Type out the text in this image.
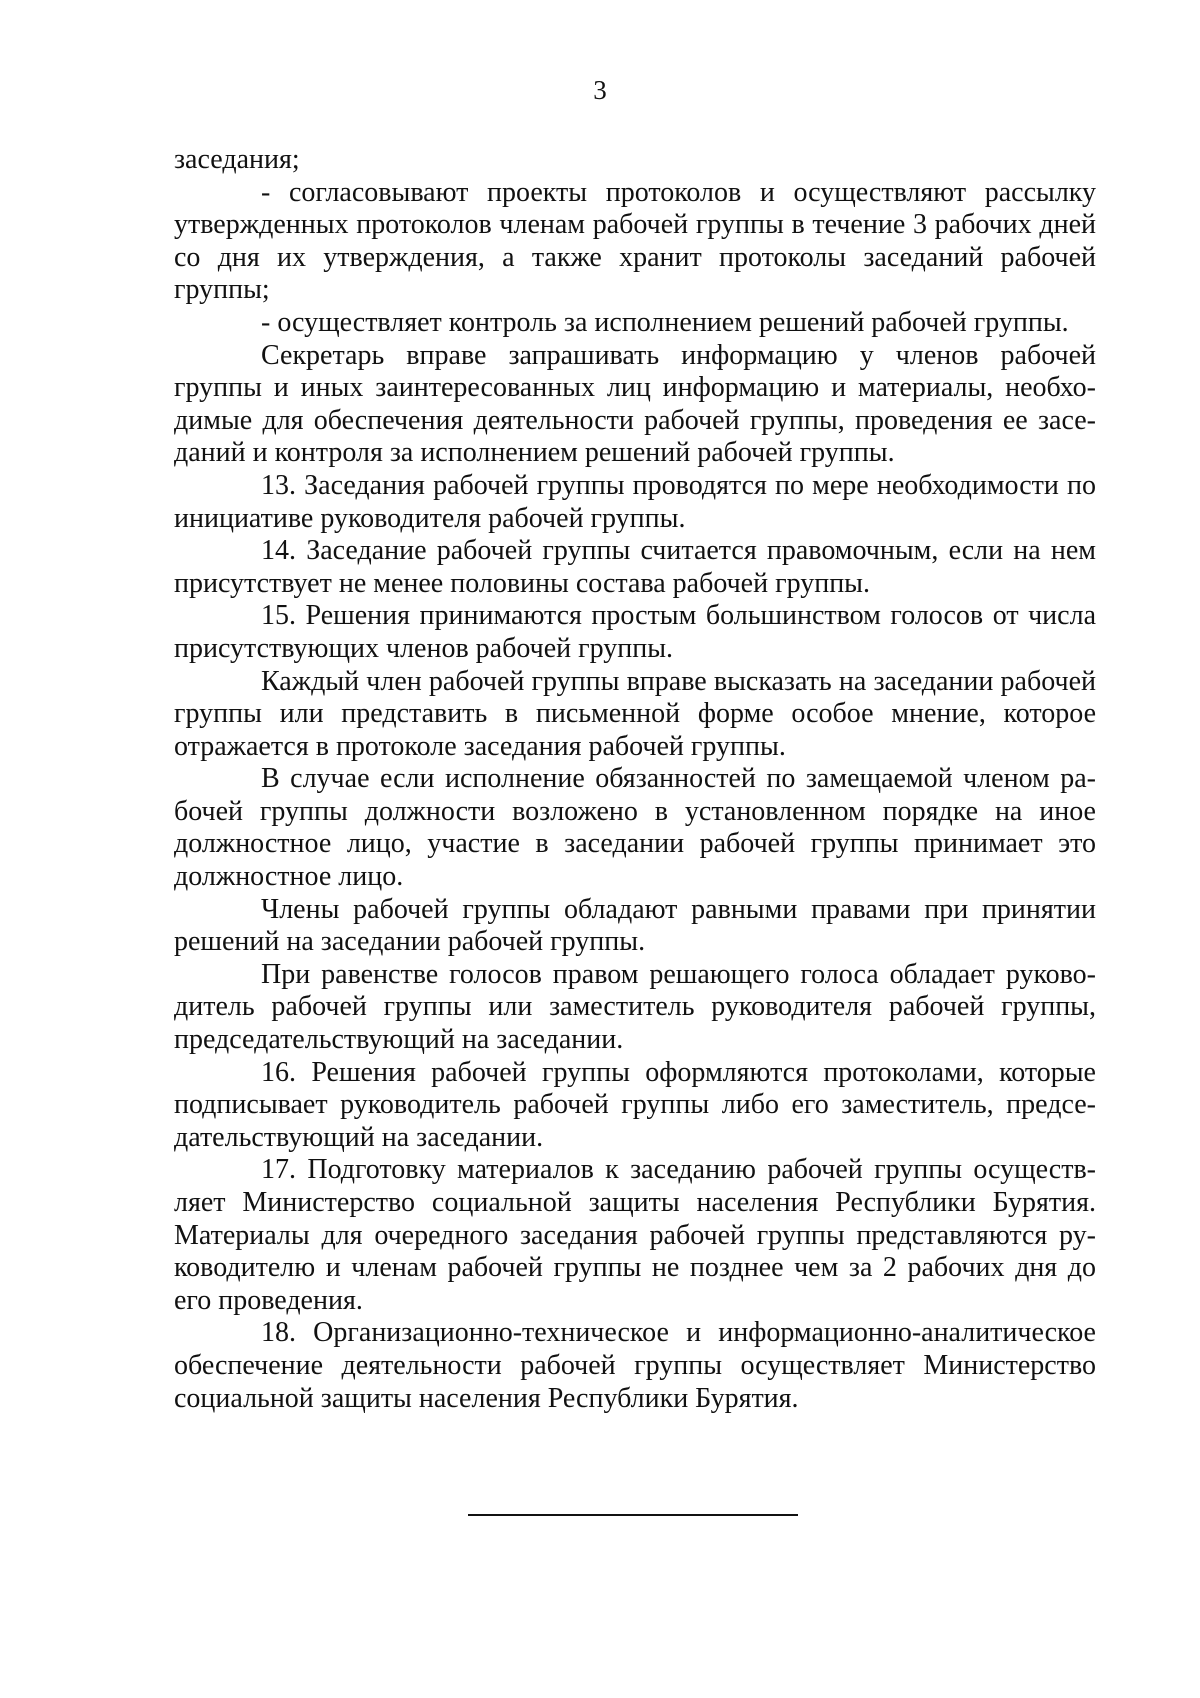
3

заседания;

- согласовывают проекты протоколов и осуществляют рассылку утвержденных протоколов членам рабочей группы в течение 3 рабочих дней со дня их утверждения, а также хранит протоколы заседаний рабочей группы;

- осуществляет контроль за исполнением решений рабочей группы.

Секретарь вправе запрашивать информацию у членов рабочей группы и иных заинтересованных лиц информацию и материалы, необходимые для обеспечения деятельности рабочей группы, проведения ее заседаний и контроля за исполнением решений рабочей группы.

13. Заседания рабочей группы проводятся по мере необходимости по инициативе руководителя рабочей группы.

14. Заседание рабочей группы считается правомочным, если на нем присутствует не менее половины состава рабочей группы.

15. Решения принимаются простым большинством голосов от числа присутствующих членов рабочей группы.

Каждый член рабочей группы вправе высказать на заседании рабочей группы или представить в письменной форме особое мнение, которое отражается в протоколе заседания рабочей группы.

В случае если исполнение обязанностей по замещаемой членом рабочей группы должности возложено в установленном порядке на иное должностное лицо, участие в заседании рабочей группы принимает это должностное лицо.

Члены рабочей группы обладают равными правами при принятии решений на заседании рабочей группы.

При равенстве голосов правом решающего голоса обладает руководитель рабочей группы или заместитель руководителя рабочей группы, председательствующий на заседании.

16. Решения рабочей группы оформляются протоколами, которые подписывает руководитель рабочей группы либо его заместитель, председательствующий на заседании.

17. Подготовку материалов к заседанию рабочей группы осуществляет Министерство социальной защиты населения Республики Бурятия. Материалы для очередного заседания рабочей группы представляются руководителю и членам рабочей группы не позднее чем за 2 рабочих дня до его проведения.

18. Организационно-техническое и информационно-аналитическое обеспечение деятельности рабочей группы осуществляет Министерство социальной защиты населения Республики Бурятия.
